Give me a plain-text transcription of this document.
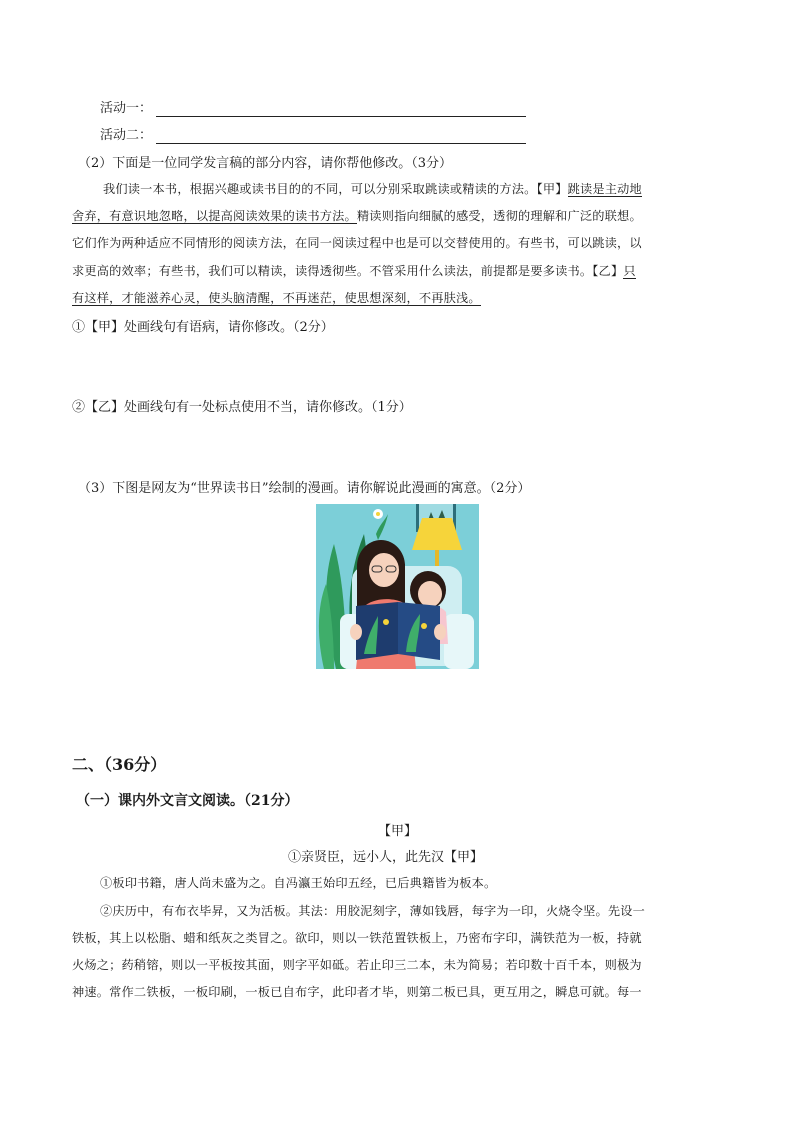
活动一：
活动二：
（2）下面是一位同学发言稿的部分内容，请你帮他修改。（3分）
我们读一本书，根据兴趣或读书目的的不同，可以分别采取跳读或精读的方法。【甲】跳读是主动地
舍弃，有意识地忽略，以提高阅读效果的读书方法。精读则指向细腻的感受，透彻的理解和广泛的联想。
它们作为两种适应不同情形的阅读方法，在同一阅读过程中也是可以交替使用的。有些书，可以跳读，以
求更高的效率；有些书，我们可以精读，读得透彻些。不管采用什么读法，前提都是要多读书。【乙】只
有这样，才能滋养心灵，使头脑清醒，不再迷茫，使思想深刻，不再肤浅。
①【甲】处画线句有语病，请你修改。（2分）
②【乙】处画线句有一处标点使用不当，请你修改。（1分）
（3）下图是网友为“世界读书日”绘制的漫画。请你解说此漫画的寓意。（2分）
二、（36分）
（一）课内外文言文阅读。（21分）
【甲】
①亲贤臣，远小人，此先汉【甲】
①板印书籍，唐人尚未盛为之。自冯瀛王始印五经，已后典籍皆为板本。
②庆历中，有布衣毕昇，又为活板。其法：用胶泥刻字，薄如钱唇，每字为一印，火烧令坚。先设一
铁板，其上以松脂、蜡和纸灰之类冒之。欲印，则以一铁范置铁板上，乃密布字印，满铁范为一板，持就
火炀之；药稍镕，则以一平板按其面，则字平如砥。若止印三二本，未为简易；若印数十百千本，则极为
神速。常作二铁板，一板印刷，一板已自布字，此印者才毕，则第二板已具，更互用之，瞬息可就。每一
